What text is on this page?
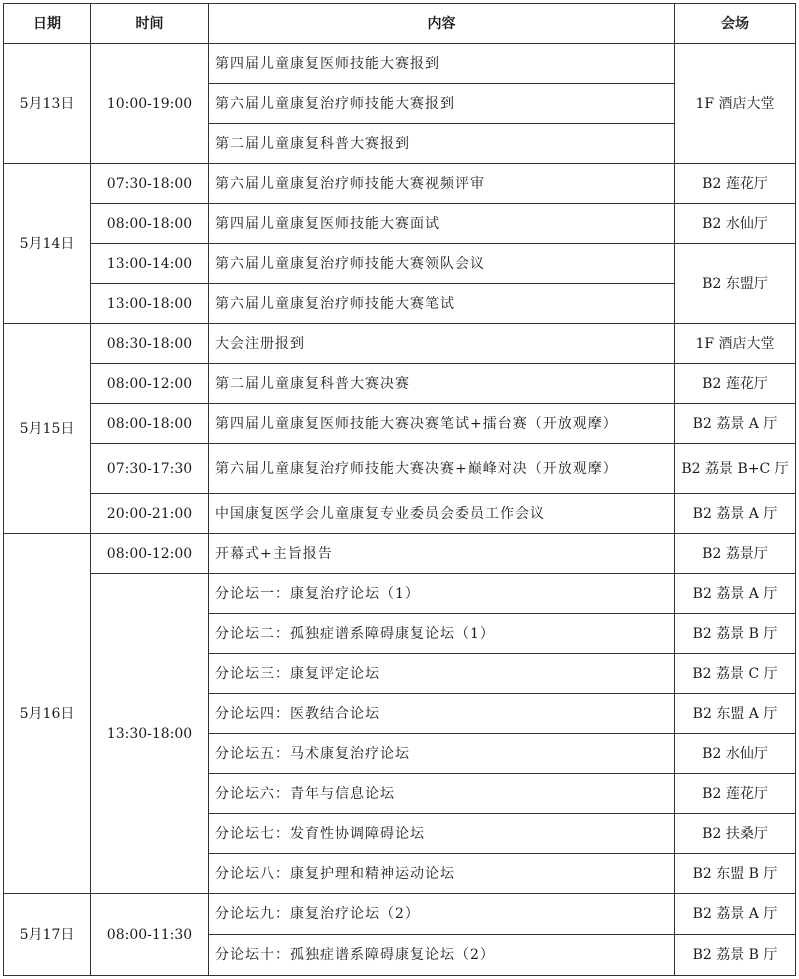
日期	时间	内容	会场
5月13日	10:00-19:00	第四届儿童康复医师技能大赛报到	1F 酒店大堂
		第六届儿童康复治疗师技能大赛报到	
		第二届儿童康复科普大赛报到	
5月14日	07:30-18:00	第六届儿童康复治疗师技能大赛视频评审	B2 莲花厅
	08:00-18:00	第四届儿童康复医师技能大赛面试	B2 水仙厅
	13:00-14:00	第六届儿童康复治疗师技能大赛领队会议	B2 东盟厅
	13:00-18:00	第六届儿童康复治疗师技能大赛笔试	
5月15日	08:30-18:00	大会注册报到	1F 酒店大堂
	08:00-12:00	第二届儿童康复科普大赛决赛	B2 莲花厅
	08:00-18:00	第四届儿童康复医师技能大赛决赛笔试+擂台赛（开放观摩）	B2 荔景 A 厅
	07:30-17:30	第六届儿童康复治疗师技能大赛决赛+巅峰对决（开放观摩）	B2 荔景 B+C 厅
	20:00-21:00	中国康复医学会儿童康复专业委员会委员工作会议	B2 荔景 A 厅
5月16日	08:00-12:00	开幕式+主旨报告	B2 荔景厅
	13:30-18:00	分论坛一：康复治疗论坛（1）	B2 荔景 A 厅
		分论坛二：孤独症谱系障碍康复论坛（1）	B2 荔景 B 厅
		分论坛三：康复评定论坛	B2 荔景 C 厅
		分论坛四：医教结合论坛	B2 东盟 A 厅
		分论坛五：马术康复治疗论坛	B2 水仙厅
		分论坛六：青年与信息论坛	B2 莲花厅
		分论坛七：发育性协调障碍论坛	B2 扶桑厅
		分论坛八：康复护理和精神运动论坛	B2 东盟 B 厅
5月17日	08:00-11:30	分论坛九：康复治疗论坛（2）	B2 荔景 A 厅
		分论坛十：孤独症谱系障碍康复论坛（2）	B2 荔景 B 厅
